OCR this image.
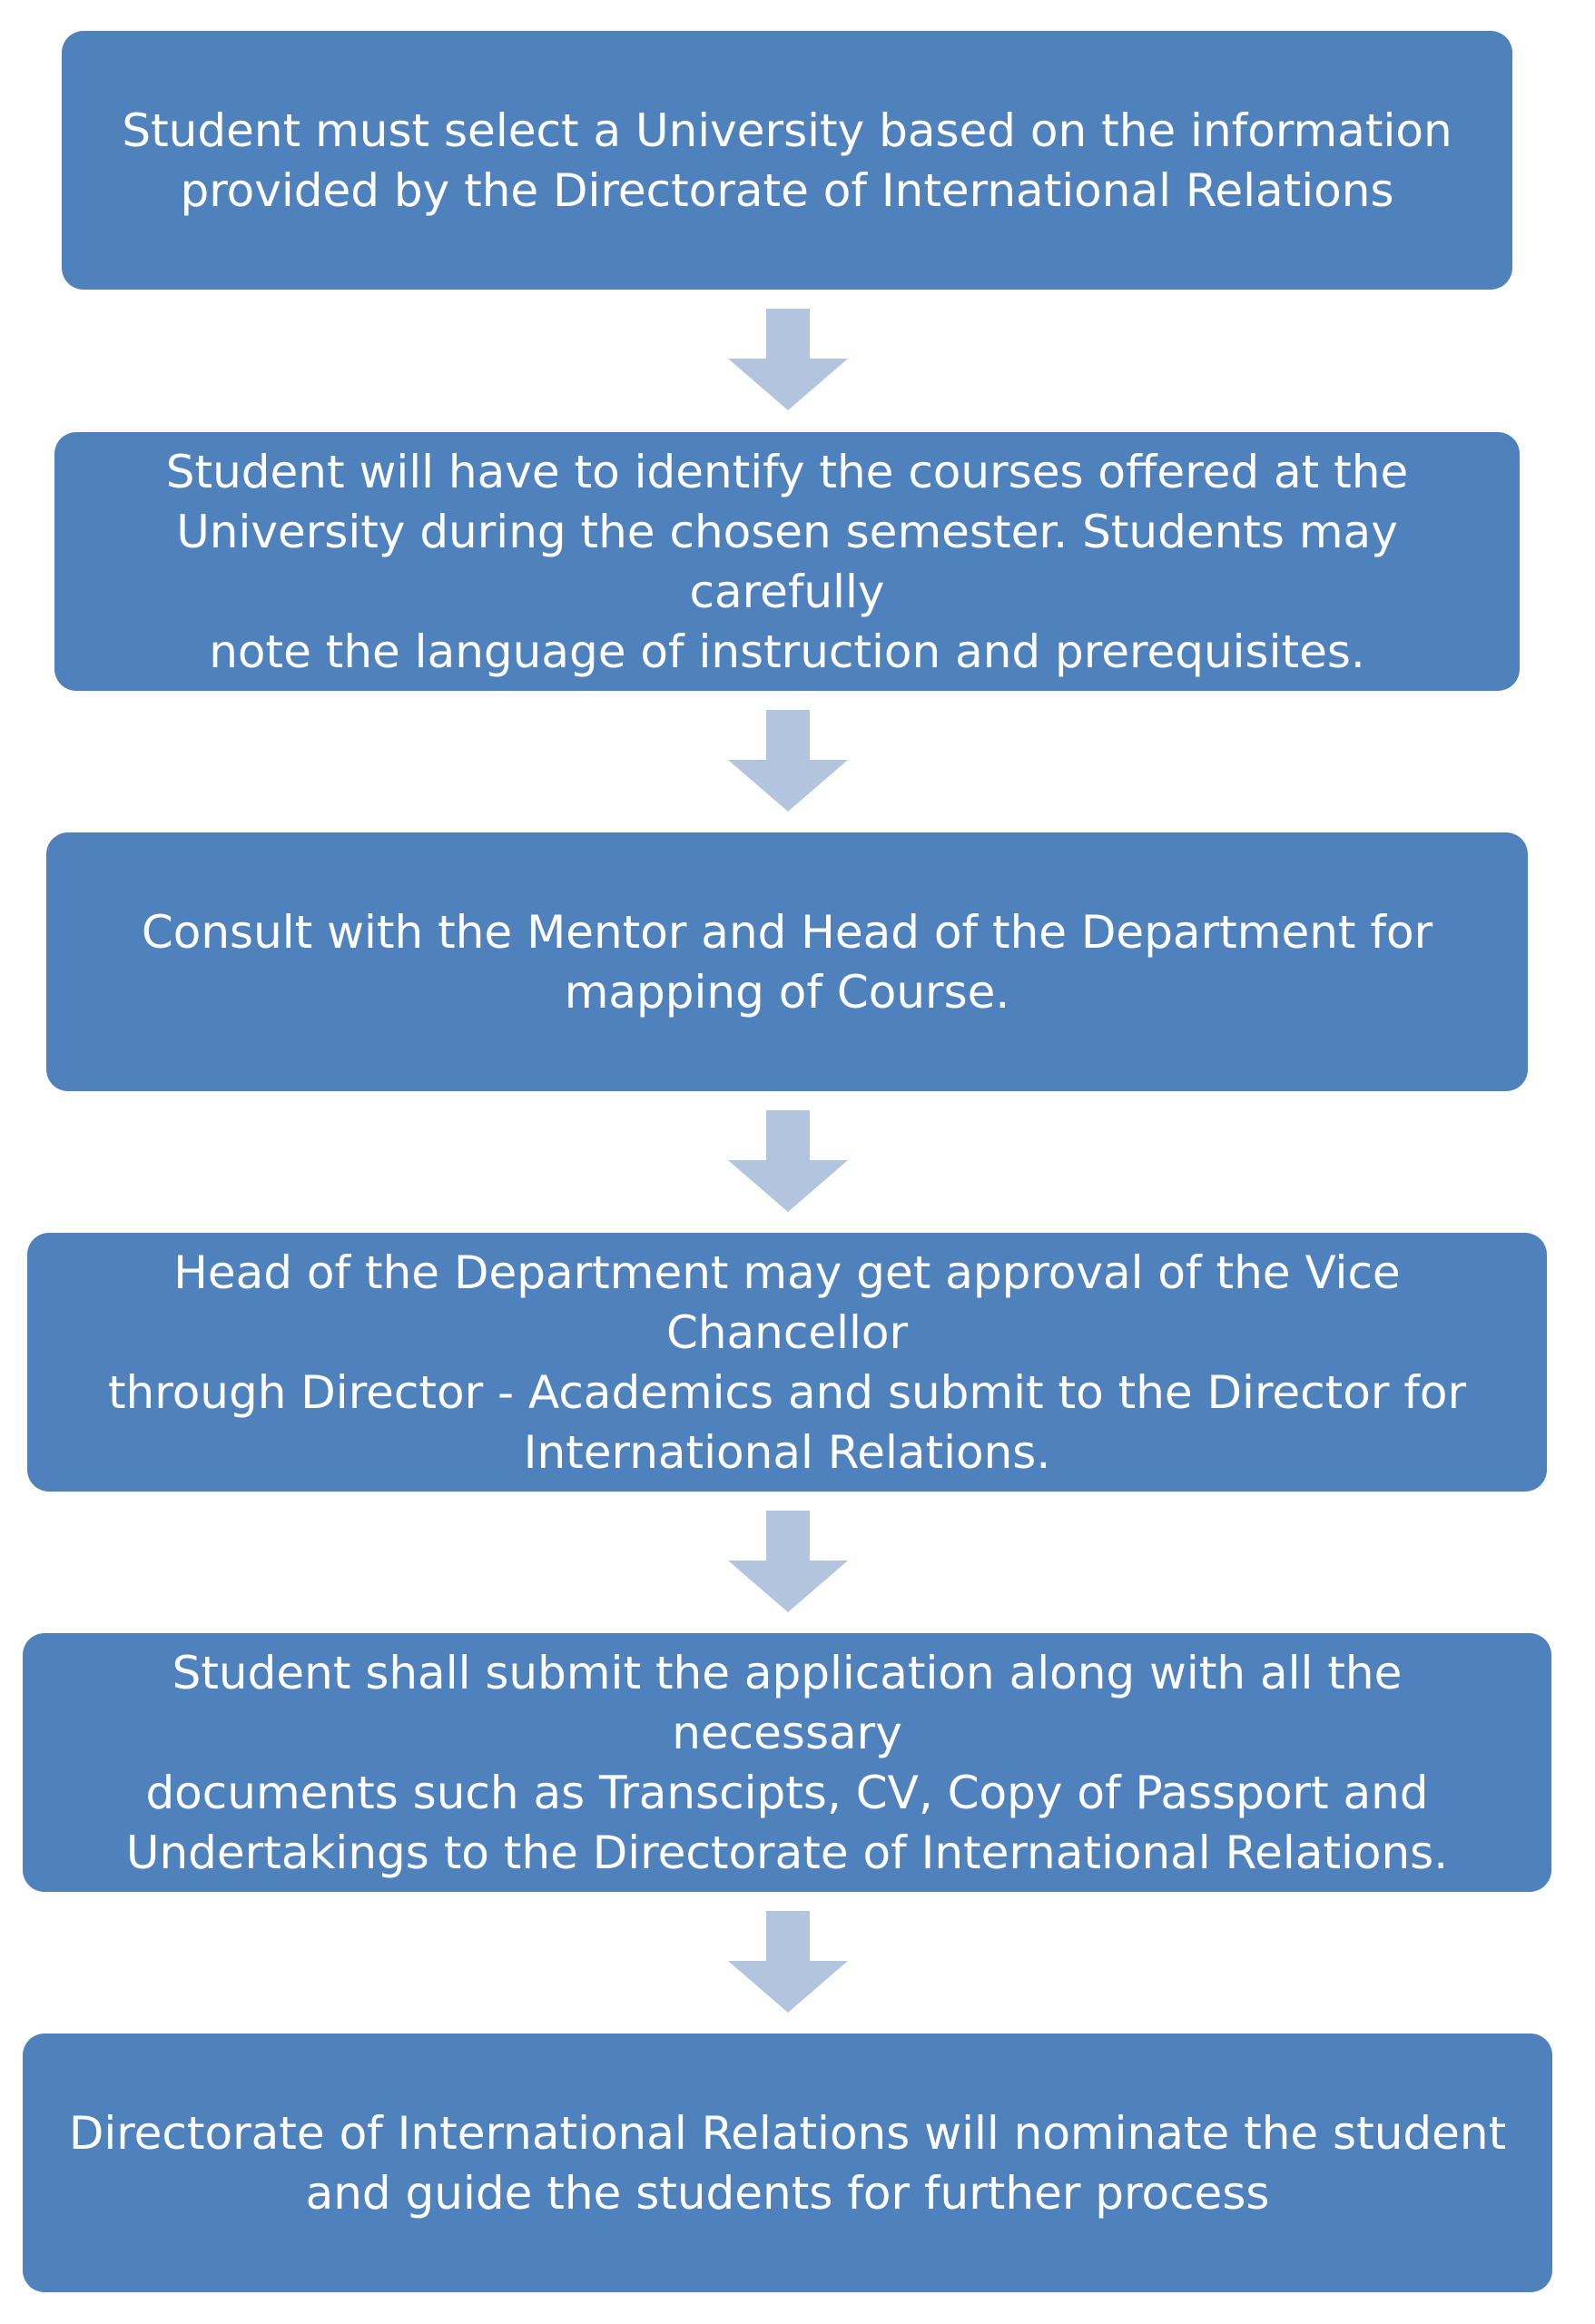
Student must select a University based on the information
provided by the Directorate of International Relations
Student will have to identify the courses offered at the
University during the chosen semester. Students may carefully
note the language of instruction and prerequisites.
Consult with the Mentor and Head of the Department for
mapping of Course.
Head of the Department may get approval of the Vice Chancellor
through Director - Academics and submit to the Director for
International Relations.
Student shall submit the application along with all the necessary
documents such as Transcipts, CV, Copy of Passport and
Undertakings to the Directorate of International Relations.
Directorate of International Relations will nominate the student
and guide the students for further process
